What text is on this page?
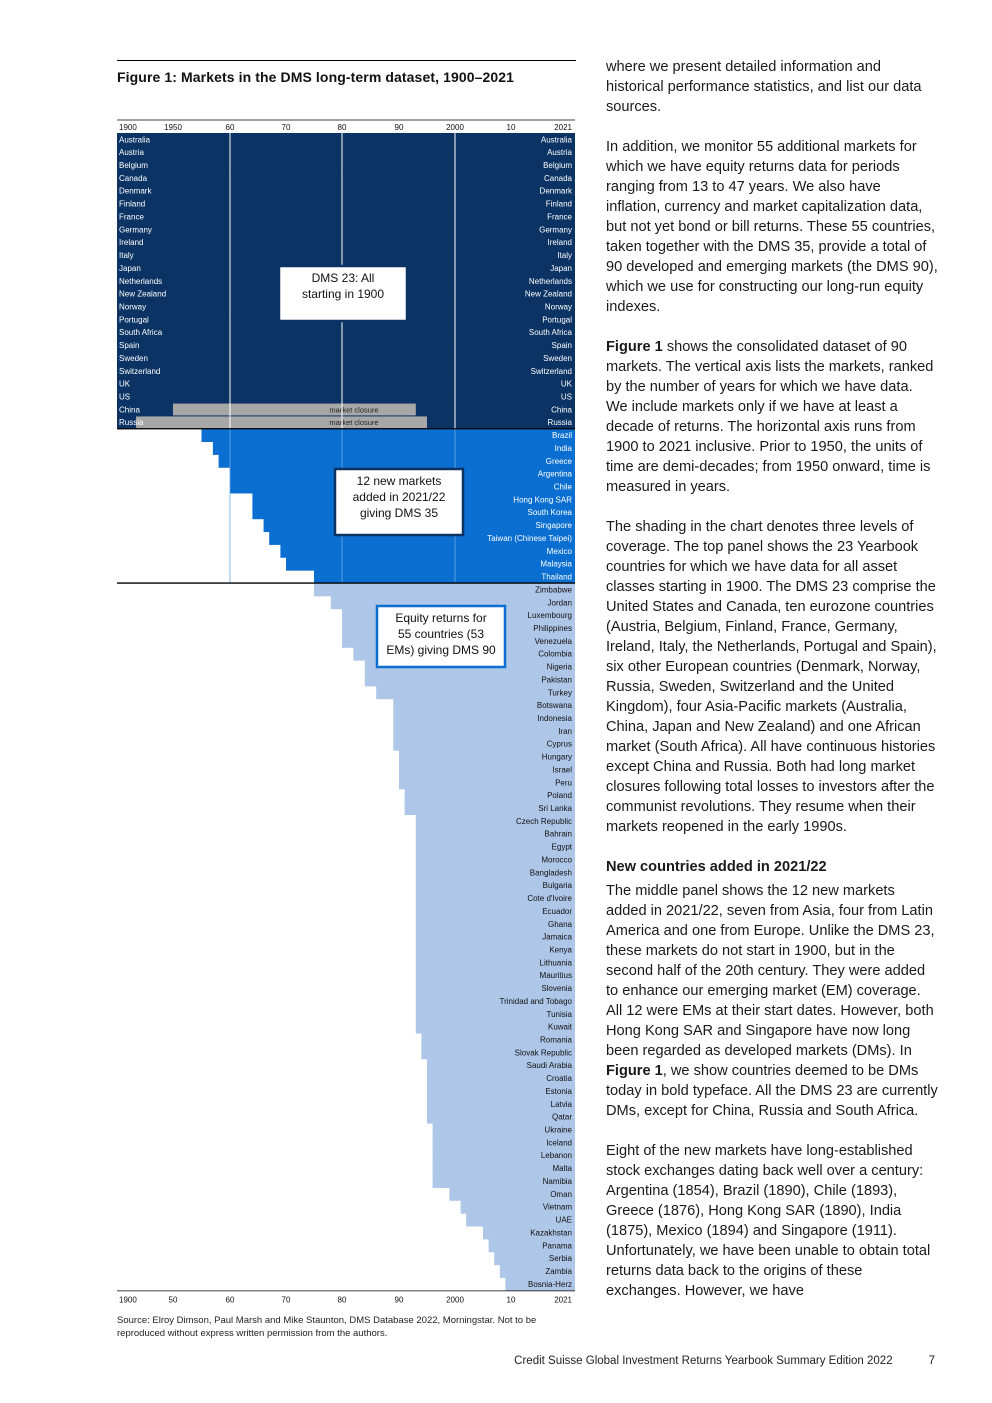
Figure 1: Markets in the DMS long-term dataset, 1900–2021
market closure
market closure
Australia	Australia
Austria	Austria
Belgium	Belgium
Canada	Canada
Denmark	Denmark
Finland	Finland
France	France
Germany	Germany
Ireland	Ireland
Italy	Italy
Japan	Japan
Netherlands	Netherlands
New Zealand	New Zealand
Norway	Norway
Portugal	Portugal
South Africa	South Africa
Spain	Spain
Sweden	Sweden
Switzerland	Switzerland
UK	UK
US	US
China	China
Russia	Russia
Brazil
India
Greece
Argentina
Chile
Hong Kong SAR
South Korea
Singapore
Taiwan (Chinese Taipei)
Mexico
Malaysia
Thailand
Zimbabwe
Jordan
Luxembourg
Philippines
Venezuela
Colombia
Nigeria
Pakistan
Turkey
Botswana
Indonesia
Iran
Cyprus
Hungary
Israel
Peru
Poland
Sri Lanka
Czech Republic
Bahrain
Egypt
Morocco
Bangladesh
Bulgaria
Cote d'Ivoire
Ecuador
Ghana
Jamaica
Kenya
Lithuania
Mauritius
Slovenia
Trinidad and Tobago
Tunisia
Kuwait
Romania
Slovak Republic
Saudi Arabia
Croatia
Estonia
Latvia
Qatar
Ukraine
Iceland
Lebanon
Malta
Namibia
Oman
Vietnam
UAE
Kazakhstan
Panama
Serbia
Zambia
Bosnia-Herz
1900	1950	60	70	80	90	2000	10	2021
1900	50	60	70	80	90	2000	10	2021
DMS 23: All starting in 1900
12 new markets added in 2021/22 giving DMS 35
Equity returns for 55 countries (53 EMs) giving DMS 90
Source: Elroy Dimson, Paul Marsh and Mike Staunton, DMS Database 2022, Morningstar. Not to be reproduced without express written permission from the authors.

where we present detailed information and historical performance statistics, and list our data sources.

In addition, we monitor 55 additional markets for which we have equity returns data for periods ranging from 13 to 47 years. We also have inflation, currency and market capitalization data, but not yet bond or bill returns. These 55 countries, taken together with the DMS 35, provide a total of 90 developed and emerging markets (the DMS 90), which we use for constructing our long-run equity indexes.

Figure 1 shows the consolidated dataset of 90 markets. The vertical axis lists the markets, ranked by the number of years for which we have data. We include markets only if we have at least a decade of returns. The horizontal axis runs from 1900 to 2021 inclusive. Prior to 1950, the units of time are demi-decades; from 1950 onward, time is measured in years.

The shading in the chart denotes three levels of coverage. The top panel shows the 23 Yearbook countries for which we have data for all asset classes starting in 1900. The DMS 23 comprise the United States and Canada, ten eurozone countries (Austria, Belgium, Finland, France, Germany, Ireland, Italy, the Netherlands, Portugal and Spain), six other European countries (Denmark, Norway, Russia, Sweden, Switzerland and the United Kingdom), four Asia-Pacific markets (Australia, China, Japan and New Zealand) and one African market (South Africa). All have continuous histories except China and Russia. Both had long market closures following total losses to investors after the communist revolutions. They resume when their markets reopened in the early 1990s.

New countries added in 2021/22

The middle panel shows the 12 new markets added in 2021/22, seven from Asia, four from Latin America and one from Europe. Unlike the DMS 23, these markets do not start in 1900, but in the second half of the 20th century. They were added to enhance our emerging market (EM) coverage. All 12 were EMs at their start dates. However, both Hong Kong SAR and Singapore have now long been regarded as developed markets (DMs). In Figure 1, we show countries deemed to be DMs today in bold typeface. All the DMS 23 are currently DMs, except for China, Russia and South Africa.

Eight of the new markets have long-established stock exchanges dating back well over a century: Argentina (1854), Brazil (1890), Chile (1893), Greece (1876), Hong Kong SAR (1890), India (1875), Mexico (1894) and Singapore (1911). Unfortunately, we have been unable to obtain total returns data back to the origins of these exchanges. However, we have

Credit Suisse Global Investment Returns Yearbook Summary Edition 2022	7
